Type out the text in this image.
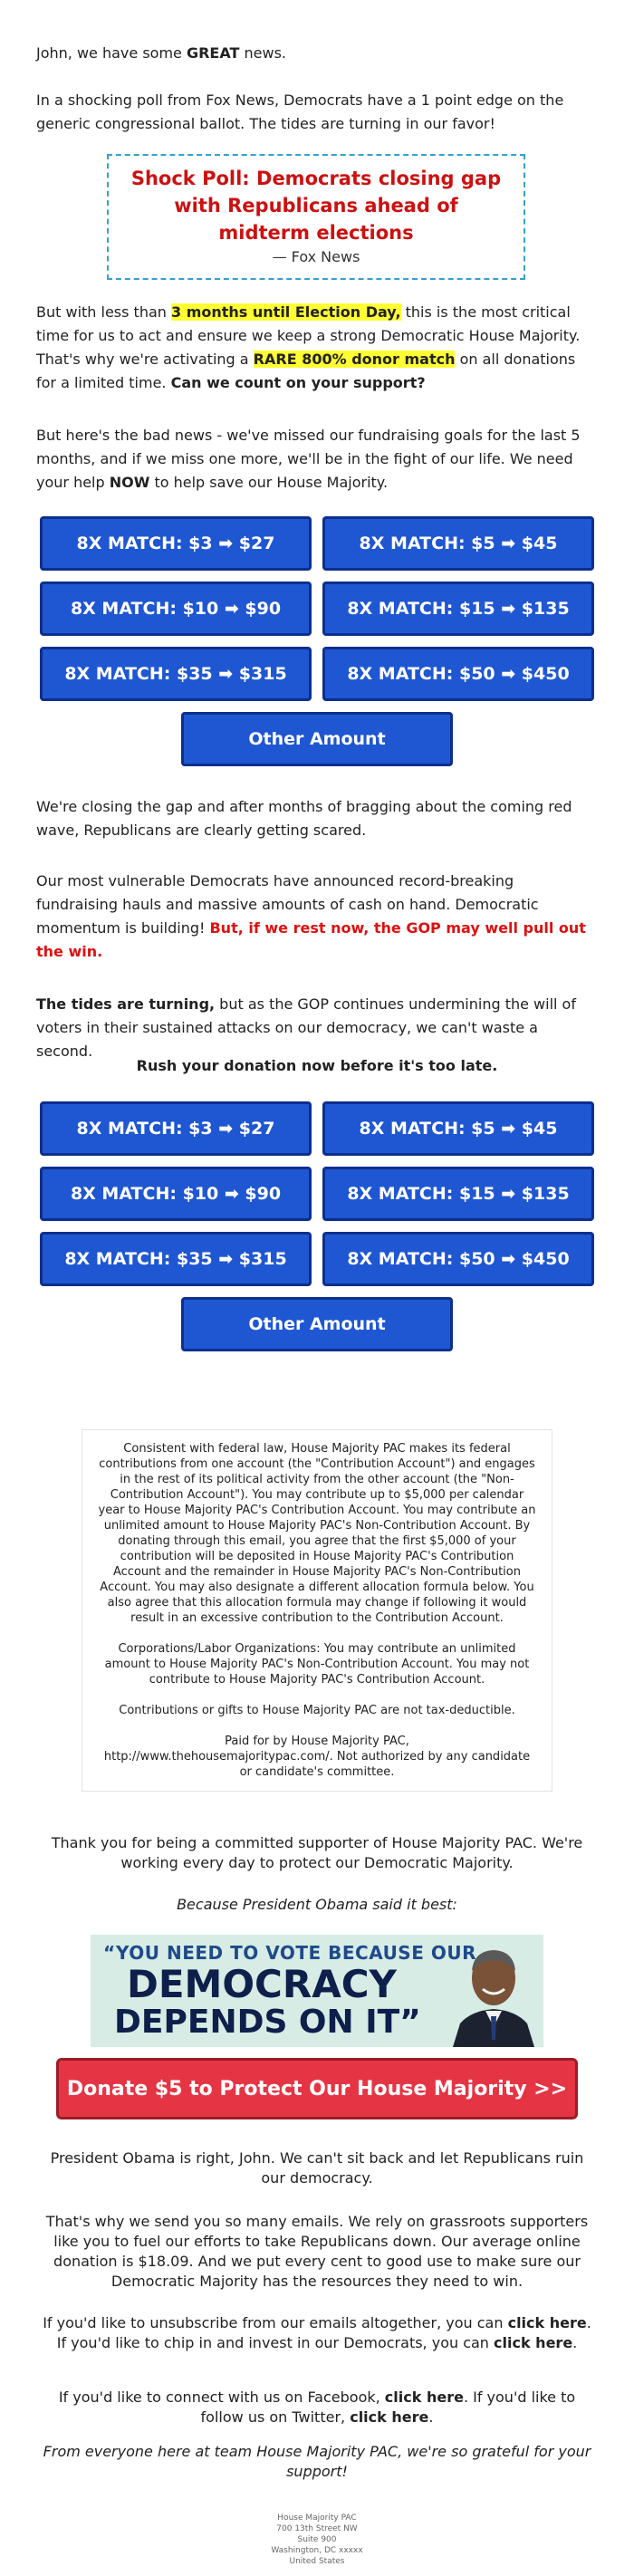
John, we have some GREAT news.

In a shocking poll from Fox News, Democrats have a 1 point edge on the generic congressional ballot. The tides are turning in our favor!

Shock Poll: Democrats closing gap with Republicans ahead of midterm elections
— Fox News

But with less than 3 months until Election Day, this is the most critical time for us to act and ensure we keep a strong Democratic House Majority. That's why we're activating a RARE 800% donor match on all donations for a limited time. Can we count on your support?

But here's the bad news - we've missed our fundraising goals for the last 5 months, and if we miss one more, we'll be in the fight of our life. We need your help NOW to help save our House Majority.

8X MATCH: $3 ➡ $27	8X MATCH: $5 ➡ $45
8X MATCH: $10 ➡ $90	8X MATCH: $15 ➡ $135
8X MATCH: $35 ➡ $315	8X MATCH: $50 ➡ $450
Other Amount

We're closing the gap and after months of bragging about the coming red wave, Republicans are clearly getting scared.

Our most vulnerable Democrats have announced record-breaking fundraising hauls and massive amounts of cash on hand. Democratic momentum is building! But, if we rest now, the GOP may well pull out the win.

The tides are turning, but as the GOP continues undermining the will of voters in their sustained attacks on our democracy, we can't waste a second.

Rush your donation now before it's too late.

8X MATCH: $3 ➡ $27	8X MATCH: $5 ➡ $45
8X MATCH: $10 ➡ $90	8X MATCH: $15 ➡ $135
8X MATCH: $35 ➡ $315	8X MATCH: $50 ➡ $450
Other Amount

Consistent with federal law, House Majority PAC makes its federal contributions from one account (the "Contribution Account") and engages in the rest of its political activity from the other account (the "Non-Contribution Account"). You may contribute up to $5,000 per calendar year to House Majority PAC's Contribution Account. You may contribute an unlimited amount to House Majority PAC's Non-Contribution Account. By donating through this email, you agree that the first $5,000 of your contribution will be deposited in House Majority PAC's Contribution Account and the remainder in House Majority PAC's Non-Contribution Account. You may also designate a different allocation formula below. You also agree that this allocation formula may change if following it would result in an excessive contribution to the Contribution Account.

Corporations/Labor Organizations: You may contribute an unlimited amount to House Majority PAC's Non-Contribution Account. You may not contribute to House Majority PAC's Contribution Account.

Contributions or gifts to House Majority PAC are not tax-deductible.

Paid for by House Majority PAC,

http://www.thehousemajoritypac.com/. Not authorized by any candidate or candidate's committee.

Thank you for being a committed supporter of House Majority PAC. We're working every day to protect our Democratic Majority.

Because President Obama said it best:

“YOU NEED TO VOTE BECAUSE OUR
DEMOCRACY
DEPENDS ON IT”
Donate $5 to Protect Our House Majority >>

President Obama is right, John. We can't sit back and let Republicans ruin our democracy.

That's why we send you so many emails. We rely on grassroots supporters like you to fuel our efforts to take Republicans down. Our average online donation is $18.09. And we put every cent to good use to make sure our Democratic Majority has the resources they need to win.

If you'd like to unsubscribe from our emails altogether, you can click here. If you'd like to chip in and invest in our Democrats, you can click here.

If you'd like to connect with us on Facebook, click here. If you'd like to follow us on Twitter, click here.

From everyone here at team House Majority PAC, we're so grateful for your support!

House Majority PAC
700 13th Street NW
Suite 900
Washington, DC xxxxx
United States
